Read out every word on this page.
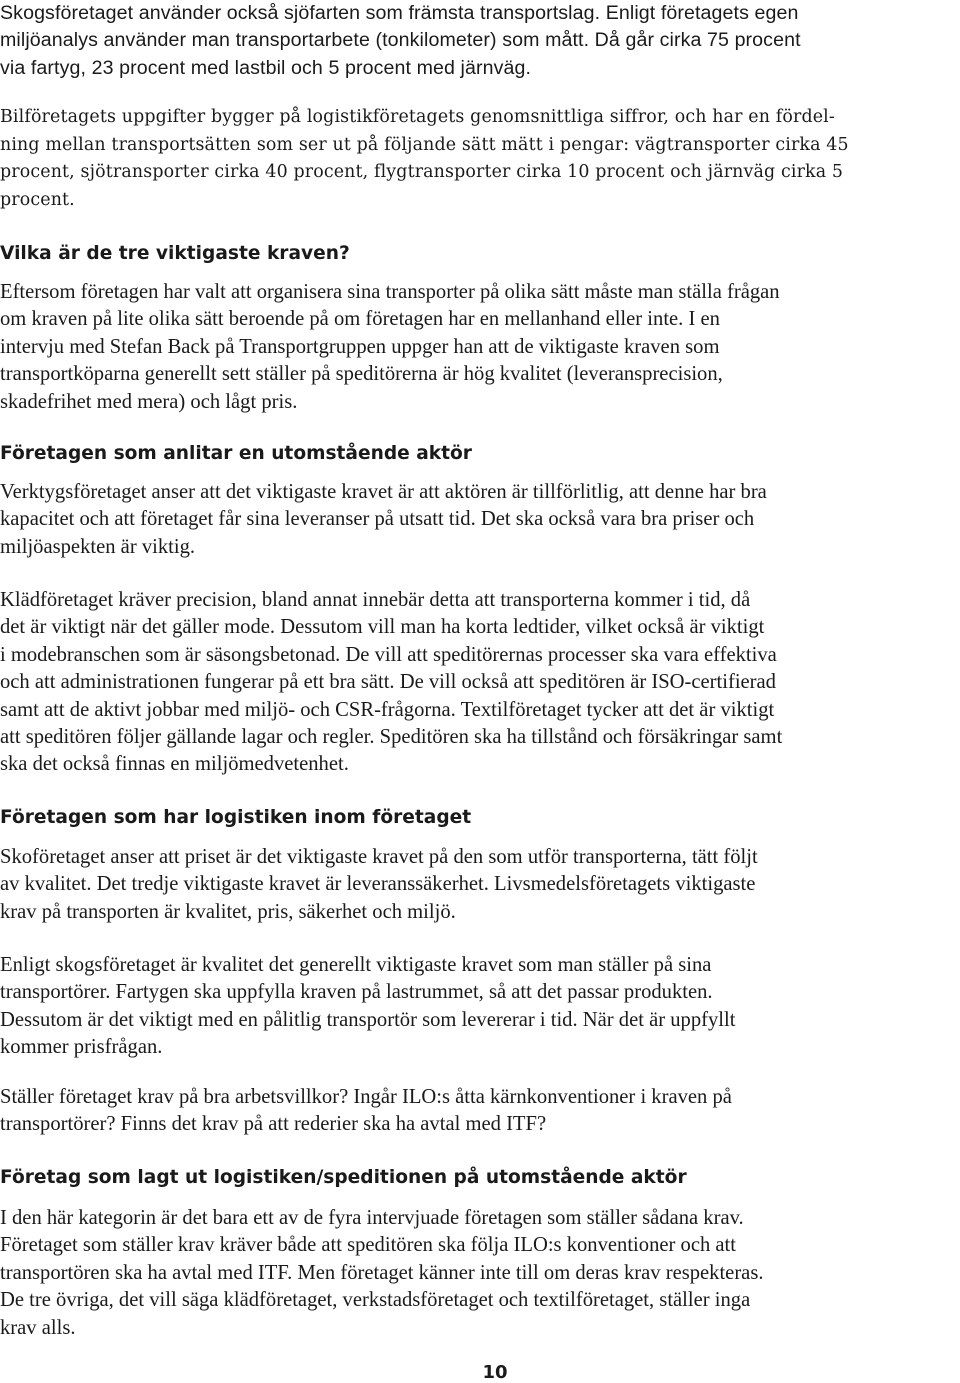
Skogsföretaget använder också sjöfarten som främsta transportslag. Enligt företagets egen
miljöanalys använder man transportarbete (tonkilometer) som mått. Då går cirka 75 procent
via fartyg, 23 procent med lastbil och 5 procent med järnväg.
Bilföretagets uppgifter bygger på logistikföretagets genomsnittliga siffror, och har en fördel-
ning mellan transportsätten som ser ut på följande sätt mätt i pengar: vägtransporter cirka 45
procent, sjötransporter cirka 40 procent, flygtransporter cirka 10 procent och järnväg cirka 5
procent.
Vilka är de tre viktigaste kraven?
Eftersom företagen har valt att organisera sina transporter på olika sätt måste man ställa frågan
om kraven på lite olika sätt beroende på om företagen har en mellanhand eller inte. I en
intervju med Stefan Back på Transportgruppen uppger han att de viktigaste kraven som
transportköparna generellt sett ställer på speditörerna är hög kvalitet (leveransprecision,
skadefrihet med mera) och lågt pris.
Företagen som anlitar en utomstående aktör
Verktygsföretaget anser att det viktigaste kravet är att aktören är tillförlitlig, att denne har bra
kapacitet och att företaget får sina leveranser på utsatt tid. Det ska också vara bra priser och
miljöaspekten är viktig.
Klädföretaget kräver precision, bland annat innebär detta att transporterna kommer i tid, då
det är viktigt när det gäller mode. Dessutom vill man ha korta ledtider, vilket också är viktigt
i modebranschen som är säsongsbetonad. De vill att speditörernas processer ska vara effektiva
och att administrationen fungerar på ett bra sätt. De vill också att speditören är ISO-certifierad
samt att de aktivt jobbar med miljö- och CSR-frågorna. Textilföretaget tycker att det är viktigt
att speditören följer gällande lagar och regler. Speditören ska ha tillstånd och försäkringar samt
ska det också finnas en miljömedvetenhet.
Företagen som har logistiken inom företaget
Skoföretaget anser att priset är det viktigaste kravet på den som utför transporterna, tätt följt
av kvalitet. Det tredje viktigaste kravet är leveranssäkerhet. Livsmedelsföretagets viktigaste
krav på transporten är kvalitet, pris, säkerhet och miljö.
Enligt skogsföretaget är kvalitet det generellt viktigaste kravet som man ställer på sina
transportörer. Fartygen ska uppfylla kraven på lastrummet, så att det passar produkten.
Dessutom är det viktigt med en pålitlig transportör som levererar i tid. När det är uppfyllt
kommer prisfrågan.
Ställer företaget krav på bra arbetsvillkor? Ingår ILO:s åtta kärnkonventioner i kraven på
transportörer? Finns det krav på att rederier ska ha avtal med ITF?
Företag som lagt ut logistiken/speditionen på utomstående aktör
I den här kategorin är det bara ett av de fyra intervjuade företagen som ställer sådana krav.
Företaget som ställer krav kräver både att speditören ska följa ILO:s konventioner och att
transportören ska ha avtal med ITF. Men företaget känner inte till om deras krav respekteras.
De tre övriga, det vill säga klädföretaget, verkstadsföretaget och textilföretaget, ställer inga
krav alls.
10
